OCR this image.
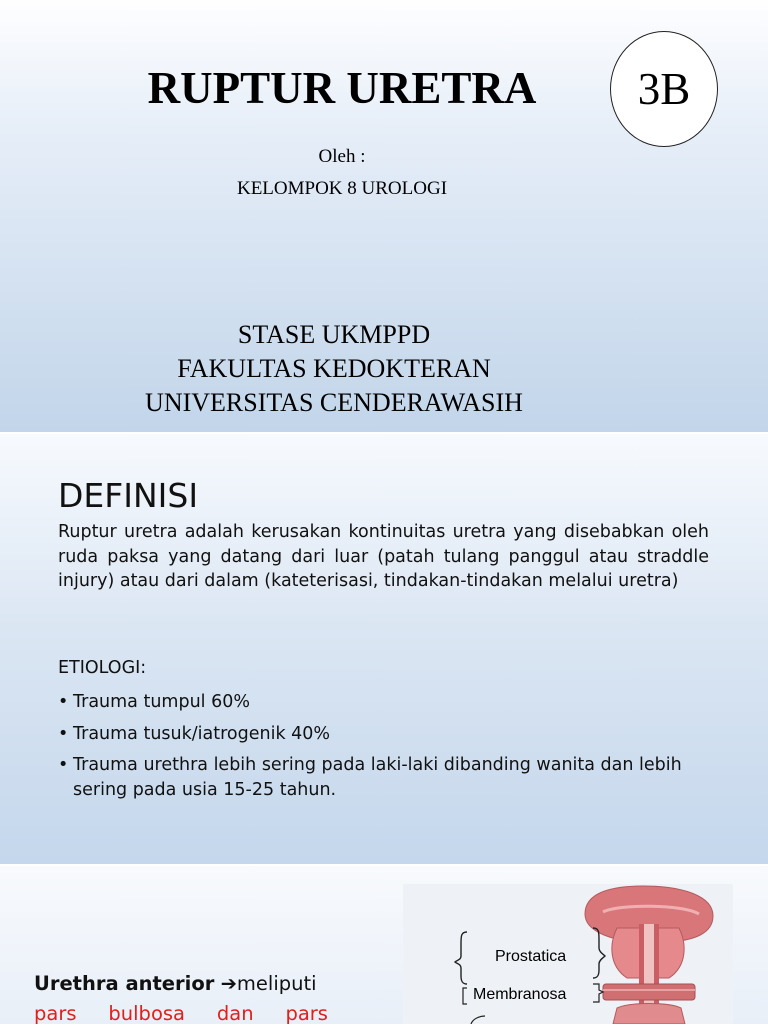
RUPTUR URETRA	3B
Oleh :
KELOMPOK 8 UROLOGI
STASE UKMPPD
FAKULTAS KEDOKTERAN
UNIVERSITAS CENDERAWASIH
DEFINISI
Ruptur uretra adalah kerusakan kontinuitas uretra yang disebabkan oleh ruda paksa yang datang dari luar (patah tulang panggul atau straddle injury) atau dari dalam (kateterisasi, tindakan-tindakan melalui uretra)
ETIOLOGI:
• Trauma tumpul 60%
• Trauma tusuk/iatrogenik 40%
• Trauma urethra lebih sering pada laki-laki dibanding wanita dan lebih sering pada usia 15-25 tahun.
Urethra anterior ➔meliputi
pars bulbosa dan pars
Prostatica
Membranosa
